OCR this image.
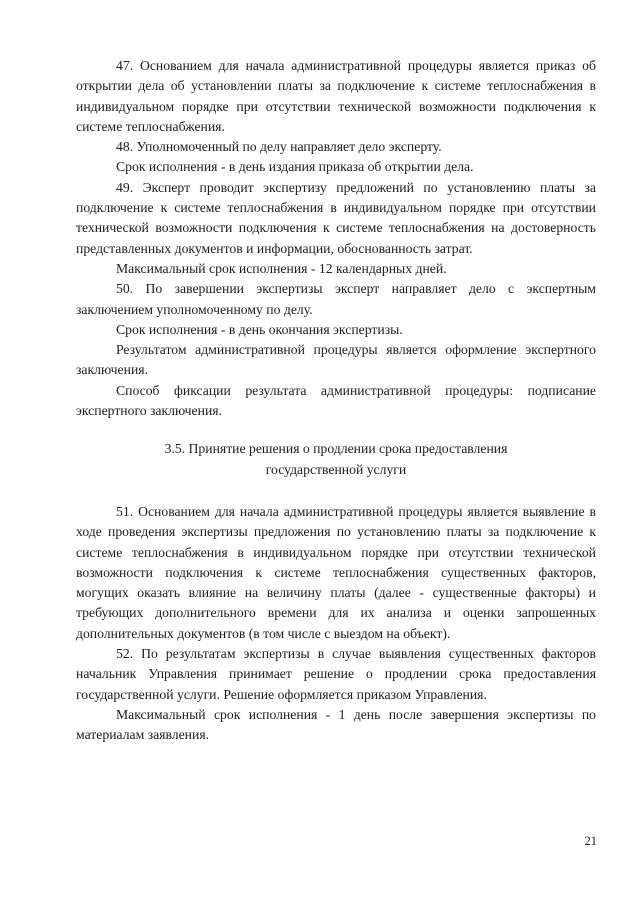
47. Основанием для начала административной процедуры является приказ об открытии дела об установлении платы за подключение к системе теплоснабжения в индивидуальном порядке при отсутствии технической возможности подключения к системе теплоснабжения.

48. Уполномоченный по делу направляет дело эксперту.

Срок исполнения - в день издания приказа об открытии дела.

49. Эксперт проводит экспертизу предложений по установлению платы за подключение к системе теплоснабжения в индивидуальном порядке при отсутствии технической возможности подключения к системе теплоснабжения на достоверность представленных документов и информации, обоснованность затрат.

Максимальный срок исполнения - 12 календарных дней.

50. По завершении экспертизы эксперт направляет дело с экспертным заключением уполномоченному по делу.

Срок исполнения - в день окончания экспертизы.

Результатом административной процедуры является оформление экспертного заключения.

Способ фиксации результата административной процедуры: подписание экспертного заключения.

3.5. Принятие решения о продлении срока предоставления
государственной услуги

51. Основанием для начала административной процедуры является выявление в ходе проведения экспертизы предложения по установлению платы за подключение к системе теплоснабжения в индивидуальном порядке при отсутствии технической возможности подключения к системе теплоснабжения существенных факторов, могущих оказать влияние на величину платы (далее - существенные факторы) и требующих дополнительного времени для их анализа и оценки запрошенных дополнительных документов (в том числе с выездом на объект).

52. По результатам экспертизы в случае выявления существенных факторов начальник Управления принимает решение о продлении срока предоставления государственной услуги. Решение оформляется приказом Управления.

Максимальный срок исполнения - 1 день после завершения экспертизы по материалам заявления.

21
